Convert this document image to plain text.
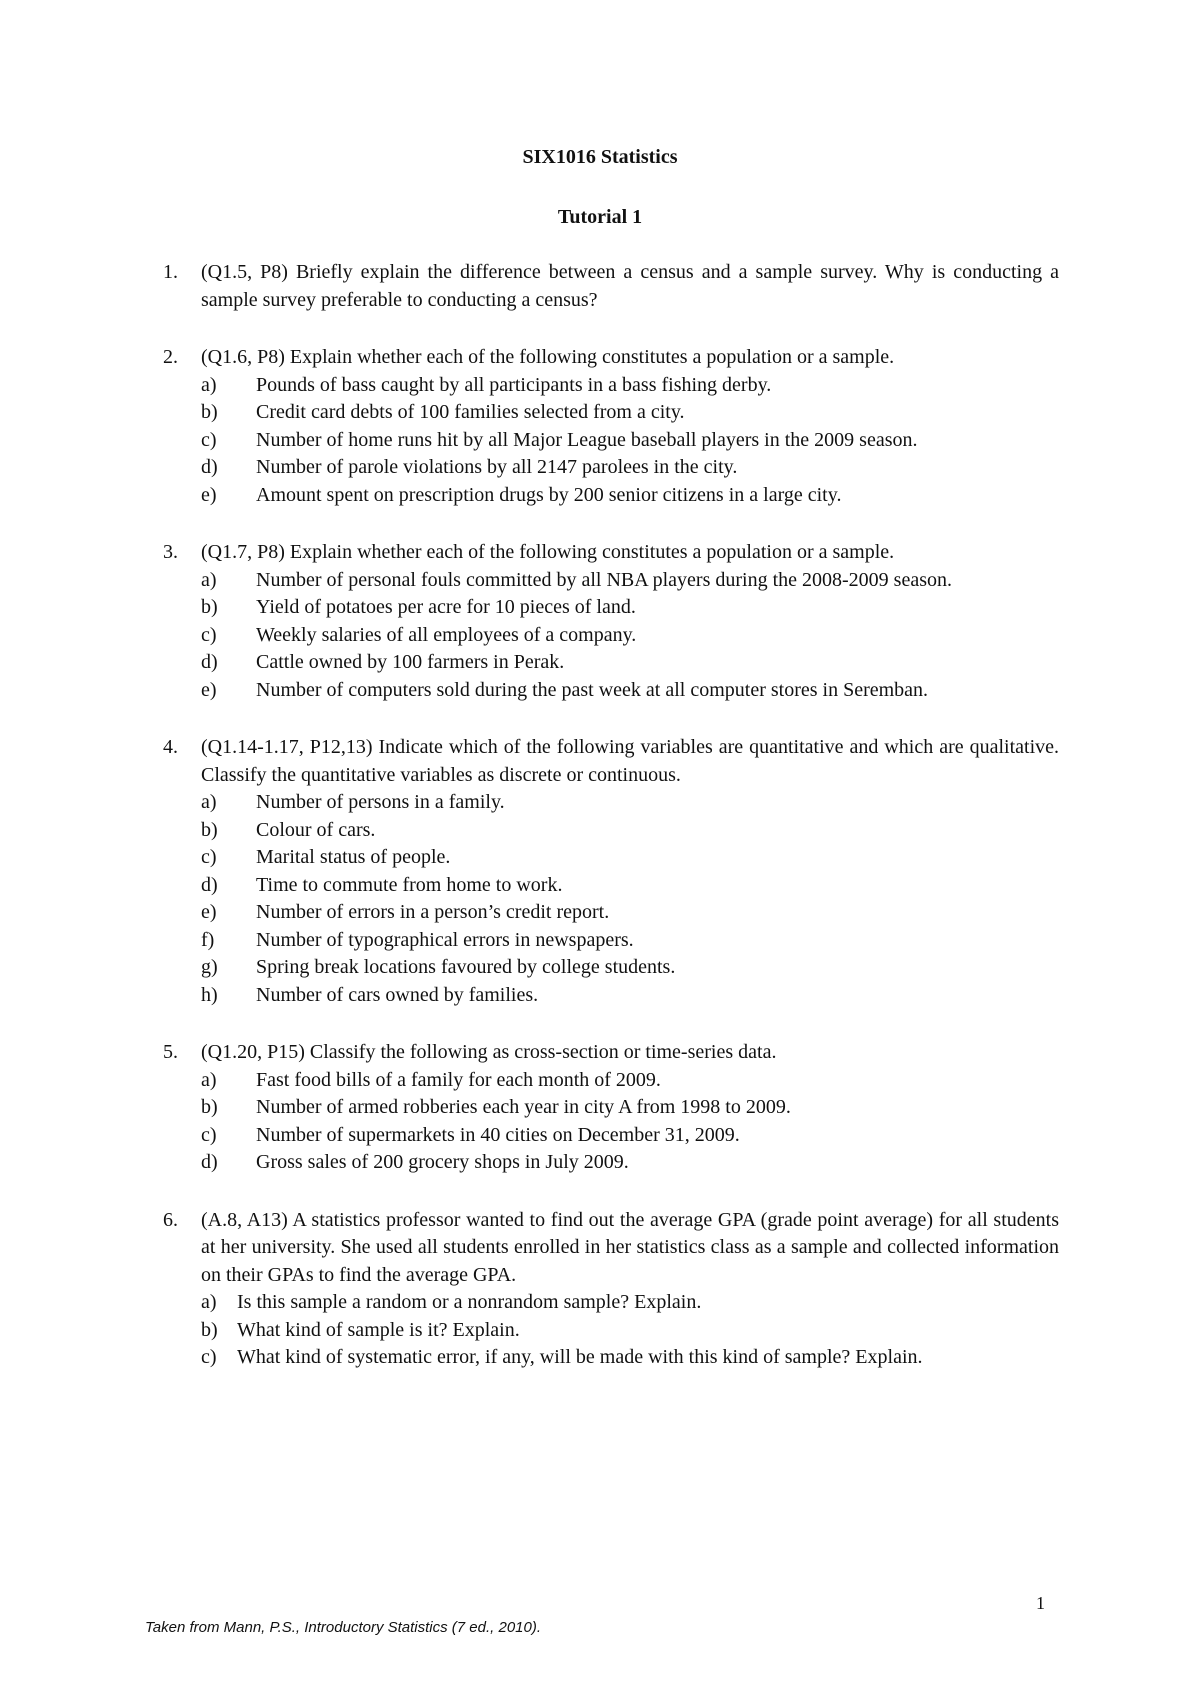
SIX1016 Statistics
Tutorial 1
1. (Q1.5, P8) Briefly explain the difference between a census and a sample survey. Why is conducting a sample survey preferable to conducting a census?
2. (Q1.6, P8) Explain whether each of the following constitutes a population or a sample.
a) Pounds of bass caught by all participants in a bass fishing derby.
b) Credit card debts of 100 families selected from a city.
c) Number of home runs hit by all Major League baseball players in the 2009 season.
d) Number of parole violations by all 2147 parolees in the city.
e) Amount spent on prescription drugs by 200 senior citizens in a large city.
3. (Q1.7, P8) Explain whether each of the following constitutes a population or a sample.
a) Number of personal fouls committed by all NBA players during the 2008-2009 season.
b) Yield of potatoes per acre for 10 pieces of land.
c) Weekly salaries of all employees of a company.
d) Cattle owned by 100 farmers in Perak.
e) Number of computers sold during the past week at all computer stores in Seremban.
4. (Q1.14-1.17, P12,13) Indicate which of the following variables are quantitative and which are qualitative. Classify the quantitative variables as discrete or continuous.
a) Number of persons in a family.
b) Colour of cars.
c) Marital status of people.
d) Time to commute from home to work.
e) Number of errors in a person’s credit report.
f) Number of typographical errors in newspapers.
g) Spring break locations favoured by college students.
h) Number of cars owned by families.
5. (Q1.20, P15) Classify the following as cross-section or time-series data.
a) Fast food bills of a family for each month of 2009.
b) Number of armed robberies each year in city A from 1998 to 2009.
c) Number of supermarkets in 40 cities on December 31, 2009.
d) Gross sales of 200 grocery shops in July 2009.
6. (A.8, A13) A statistics professor wanted to find out the average GPA (grade point average) for all students at her university. She used all students enrolled in her statistics class as a sample and collected information on their GPAs to find the average GPA.
a) Is this sample a random or a nonrandom sample? Explain.
b) What kind of sample is it? Explain.
c) What kind of systematic error, if any, will be made with this kind of sample? Explain.
1
Taken from Mann, P.S., Introductory Statistics (7 ed., 2010).
